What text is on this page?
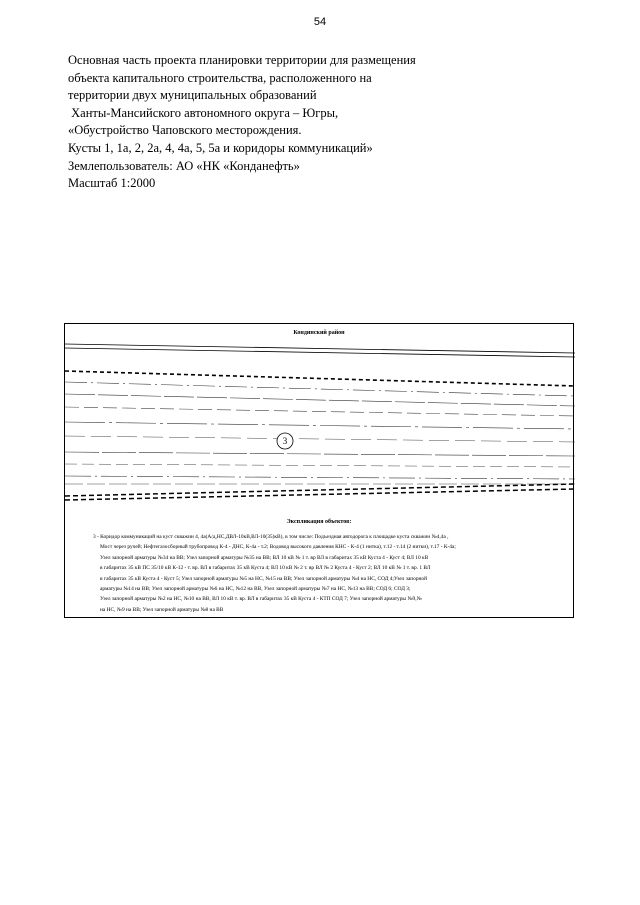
54
Основная часть проекта планировки территории для размещения
объекта капитального строительства, расположенного на
территории двух муниципальных образований
Ханты-Мансийского автономного округа – Югры,
«Обустройство Чаповского месторождения.
Кусты 1, 1а, 2, 2а, 4, 4а, 5, 5а и коридоры коммуникаций»
Землепользователь: АО «НК «Конданефть»
Масштаб 1:2000
Кондинский район
3
Экспликация объектов:
3 - Коридор коммуникаций на куст скважин 4, 4а(А/д,НС,ДВЛ-10кВ,ВЛ-10(35)кВ), в том числе: Подъездная автодорога к площадке куста скважин №4,4а ,
Мост через ручей; Нефтегазосборный трубопровод К-4 - ДНС, К-4а - т.2; Водовод высокого давления КНС - К-4 (1 нитка), т.12 - т.14 (2 нитки), т.17 - К-4а;
Узел запорной арматуры №34 на ВВ; Узел запорной арматуры №35 на ВВ; ВЛ 10 кВ № 1 т. вр ВЛ в габаритах 35 кВ Куста 4 - Куст 4; ВЛ 10 кВ
в габаритах 35 кВ ПС 35/10 кВ К-12 - т. вр. ВЛ в габаритах 35 кВ Куста 4; ВЛ 10 кВ № 2 т. вр ВЛ № 2 Куста 4 - Куст 2; ВЛ 10 кВ № 1 т. вр. 1 ВЛ
в габаритах 35 кВ Куста 4 - Куст 5; Узел запорной арматуры №5 на НС, №15 на ВВ; Узел запорной арматуры №4 на НС, СОД 4;Узел запорной
арматуры №14 на ВВ; Узел запорной арматуры №6 на НС, №12 на ВВ, Узел запорной арматуры №7 на НС, №13 на ВВ; СОД 6; СОД 3;
Узел запорной арматуры №2 на НС, №10 на ВВ, ВЛ 10 кВ т. вр. ВЛ в габаритах 35 кВ Куста 4 - КТП СОД 7; Узел запорной арматуры №9,№
на НС, №9 на ВВ; Узел запорной арматуры №8 на ВВ
